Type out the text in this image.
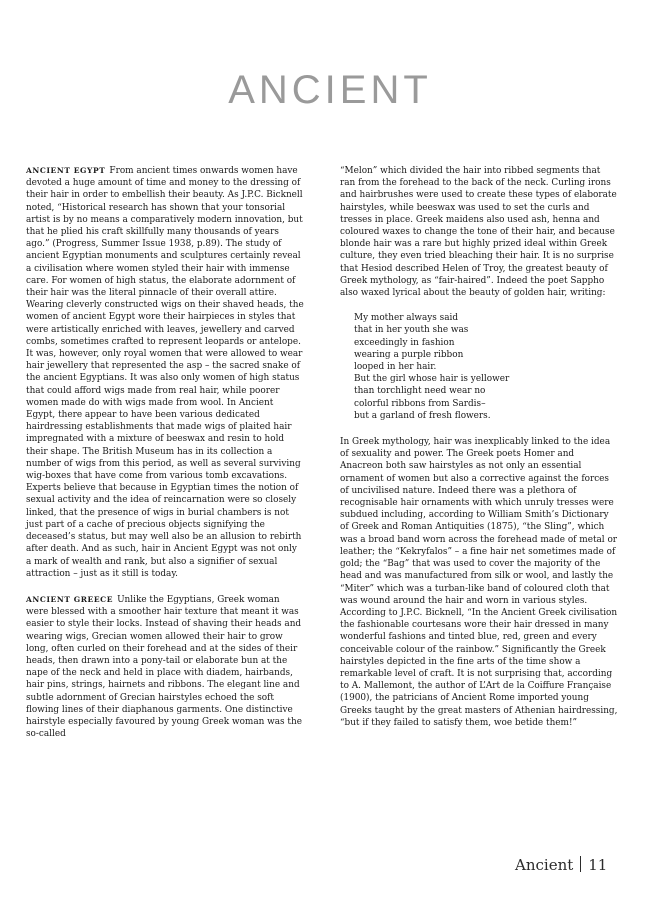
ANCIENT

ANCIENT EGYPT From ancient times onwards women have devoted a huge amount of time and money to the dressing of their hair in order to embellish their beauty. As J.P.C. Bicknell noted, “Historical research has shown that your tonsorial artist is by no means a comparatively modern innovation, but that he plied his craft skillfully many thousands of years ago.” (Progress, Summer Issue 1938, p.89). The study of ancient Egyptian monuments and sculptures certainly reveal a civilisation where women styled their hair with immense care. For women of high status, the elaborate adornment of their hair was the literal pinnacle of their overall attire. Wearing cleverly constructed wigs on their shaved heads, the women of ancient Egypt wore their hairpieces in styles that were artistically enriched with leaves, jewellery and carved combs, sometimes crafted to represent leopards or antelope. It was, however, only royal women that were allowed to wear hair jewellery that represented the asp – the sacred snake of the ancient Egyptians. It was also only women of high status that could afford wigs made from real hair, while poorer women made do with wigs made from wool. In Ancient Egypt, there appear to have been various dedicated hairdressing establishments that made wigs of plaited hair impregnated with a mixture of beeswax and resin to hold their shape. The British Museum has in its collection a number of wigs from this period, as well as several surviving wig-boxes that have come from various tomb excavations. Experts believe that because in Egyptian times the notion of sexual activity and the idea of reincarnation were so closely linked, that the presence of wigs in burial chambers is not just part of a cache of precious objects signifying the deceased’s status, but may well also be an allusion to rebirth after death. And as such, hair in Ancient Egypt was not only a mark of wealth and rank, but also a signifier of sexual attraction – just as it still is today.

ANCIENT GREECE Unlike the Egyptians, Greek woman were blessed with a smoother hair texture that meant it was easier to style their locks. Instead of shaving their heads and wearing wigs, Grecian women allowed their hair to grow long, often curled on their forehead and at the sides of their heads, then drawn into a pony-tail or elaborate bun at the nape of the neck and held in place with diadem, hairbands, hair pins, strings, hairnets and ribbons. The elegant line and subtle adornment of Grecian hairstyles echoed the soft flowing lines of their diaphanous garments. One distinctive hairstyle especially favoured by young Greek woman was the so-called

“Melon” which divided the hair into ribbed segments that ran from the forehead to the back of the neck. Curling irons and hairbrushes were used to create these types of elaborate hairstyles, while beeswax was used to set the curls and tresses in place. Greek maidens also used ash, henna and coloured waxes to change the tone of their hair, and because blonde hair was a rare but highly prized ideal within Greek culture, they even tried bleaching their hair. It is no surprise that Hesiod described Helen of Troy, the greatest beauty of Greek mythology, as “fair-haired”. Indeed the poet Sappho also waxed lyrical about the beauty of golden hair, writing:

My mother always said
that in her youth she was
exceedingly in fashion
wearing a purple ribbon
looped in her hair.
But the girl whose hair is yellower
than torchlight need wear no
colorful ribbons from Sardis–
but a garland of fresh flowers.

In Greek mythology, hair was inexplicably linked to the idea of sexuality and power. The Greek poets Homer and Anacreon both saw hairstyles as not only an essential ornament of women but also a corrective against the forces of uncivilised nature. Indeed there was a plethora of recognisable hair ornaments with which unruly tresses were subdued including, according to William Smith’s Dictionary of Greek and Roman Antiquities (1875), “the Sling”, which was a broad band worn across the forehead made of metal or leather; the “Kekryfalos” – a fine hair net sometimes made of gold; the “Bag” that was used to cover the majority of the head and was manufactured from silk or wool, and lastly the “Miter” which was a turban-like band of coloured cloth that was wound around the hair and worn in various styles. According to J.P.C. Bicknell, “In the Ancient Greek civilisation the fashionable courtesans wore their hair dressed in many wonderful fashions and tinted blue, red, green and every conceivable colour of the rainbow.” Significantly the Greek hairstyles depicted in the fine arts of the time show a remarkable level of craft. It is not surprising that, according to A. Mallemont, the author of L’Art de la Coiffure Française (1900), the patricians of Ancient Rome imported young Greeks taught by the great masters of Athenian hairdressing, “but if they failed to satisfy them, woe betide them!”

Ancient 11
